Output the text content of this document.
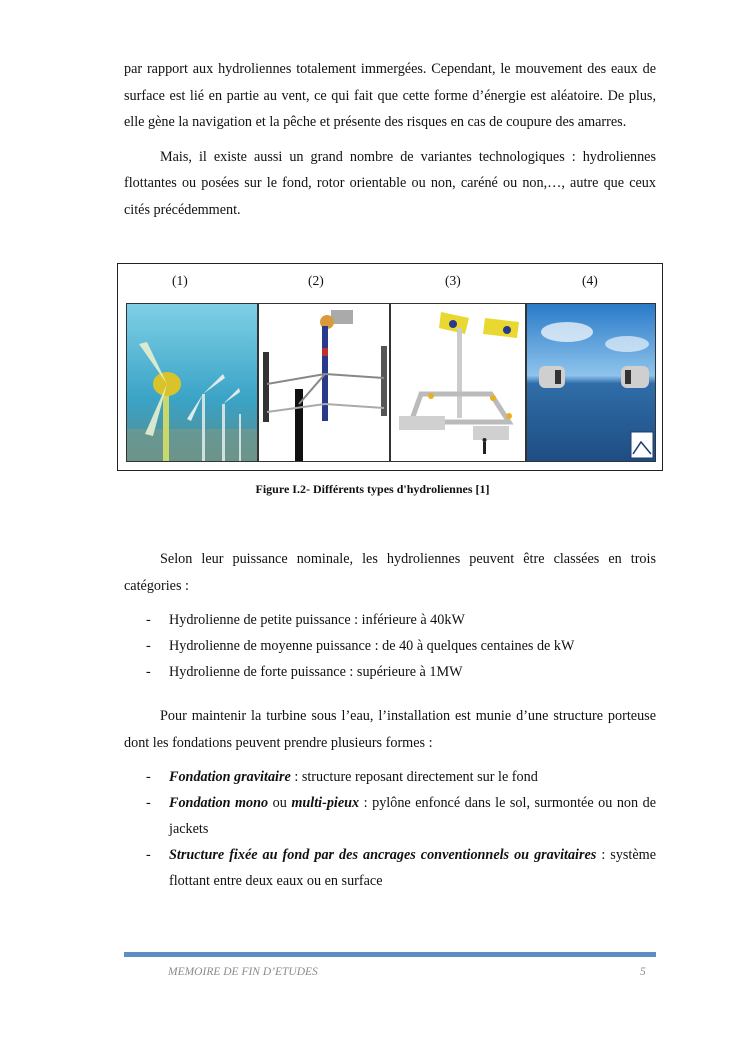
par rapport aux hydroliennes totalement immergées. Cependant, le mouvement des eaux de surface est lié en partie au vent, ce qui fait que cette forme d’énergie est aléatoire. De plus, elle gène la navigation et la pêche et présente des risques en cas de coupure des amarres.

Mais, il existe aussi un grand nombre de variantes technologiques : hydroliennes flottantes ou posées sur le fond, rotor orientable ou non, caréné ou non,…, autre que ceux cités précédemment.

(1)	(2)	(3)	(4)
Figure I.2- Différents types d'hydroliennes [1]

Selon leur puissance nominale, les hydroliennes peuvent être classées en trois catégories :

- Hydrolienne de petite puissance : inférieure à 40kW
- Hydrolienne de moyenne puissance : de 40 à quelques centaines de kW
- Hydrolienne de forte puissance : supérieure à 1MW

Pour maintenir la turbine sous l’eau, l’installation est munie d’une structure porteuse dont les fondations peuvent prendre plusieurs formes :

- Fondation gravitaire : structure reposant directement sur le fond
- Fondation mono ou multi-pieux : pylône enfoncé dans le sol, surmontée ou non de jackets
- Structure fixée au fond par des ancrages conventionnels ou gravitaires : système flottant entre deux eaux ou en surface
MEMOIRE DE FIN D’ETUDES	5
